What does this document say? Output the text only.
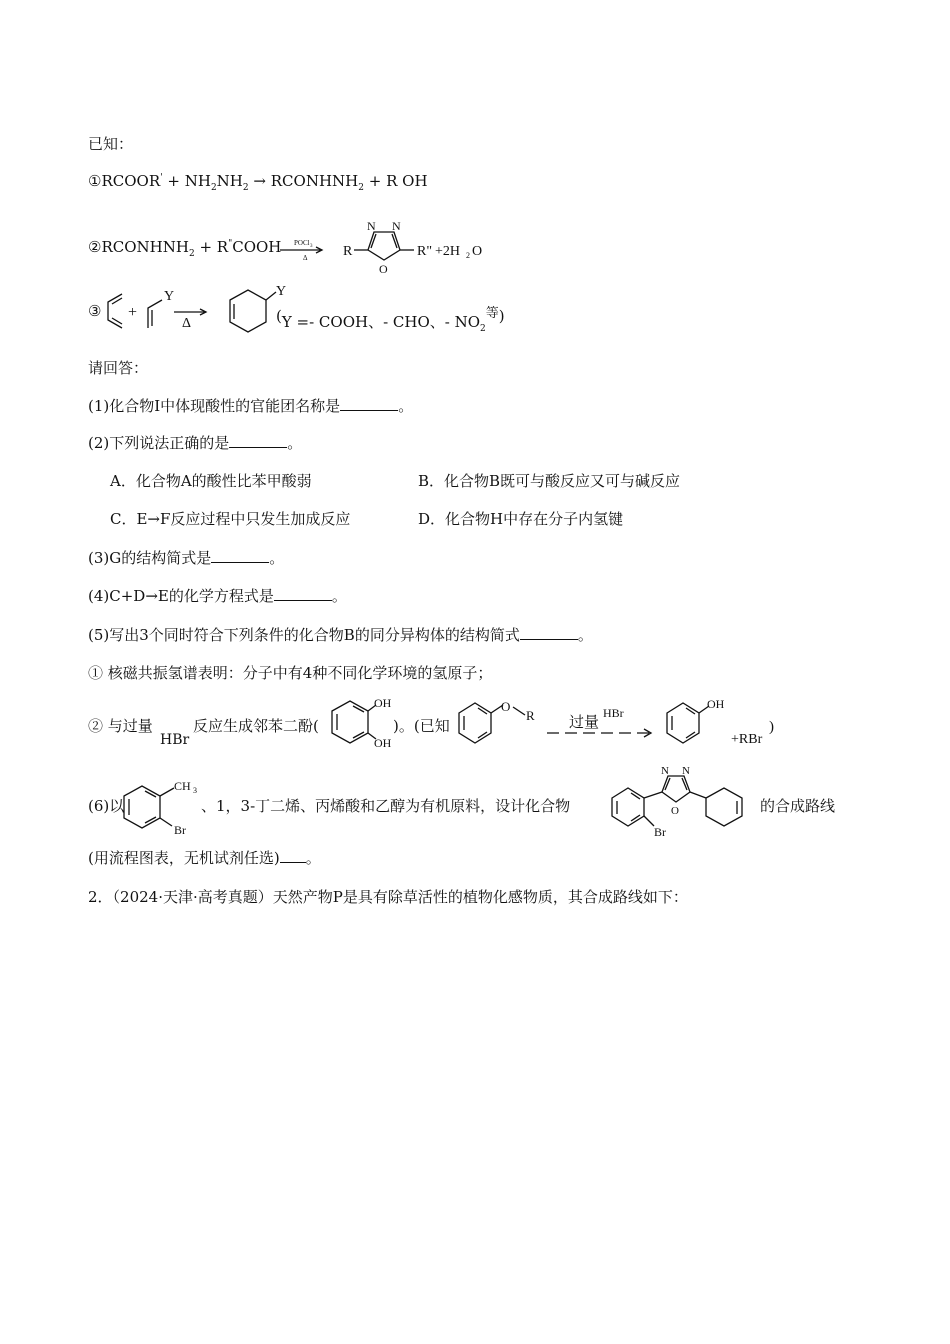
已知：
①RCOOR' + $NH_2NH_2$ → $RCONHNH_2 + R$ OH
$②RCONHNH_2$ + R"COOH POCl 3
Δ	R
N N
O
R" +2H 2 O
③ +
Y
Δ
Y
(Y =- COOH、- CHO、- $NO_2$等)
请回答：
(1)化合物Ⅰ中体现酸性的官能团名称是	。
(2)下列说法正确的是	。
A．化合物A的酸性比苯甲酸弱	B．化合物B既可与酸反应又可与碱反应
C．E→F反应过程中只发生加成反应	D．化合物H中存在分子内氢键
(3)G的结构简式是	。
(4)C+D→E的化学方程式是	。
(5)写出3个同时符合下列条件的化合物B的同分异构体的结构简式	。
① 核磁共振氢谱表明：分子中有4种不同化学环境的氢原子；
② 与过量
HBr
反应生成邻苯二酚(
OH
OH
)。(已知
O
R 过量
HBr
OH
+RBr
)
(6)以
CH 3
Br
、1，3-丁二烯、丙烯酸和乙醇为有机原料，设计化合物
Br
N N
O	的合成路线
(用流程图表，无机试剂任选) 。
2．（2024·天津·高考真题）天然产物P是具有除草活性的植物化感物质，其合成路线如下：
